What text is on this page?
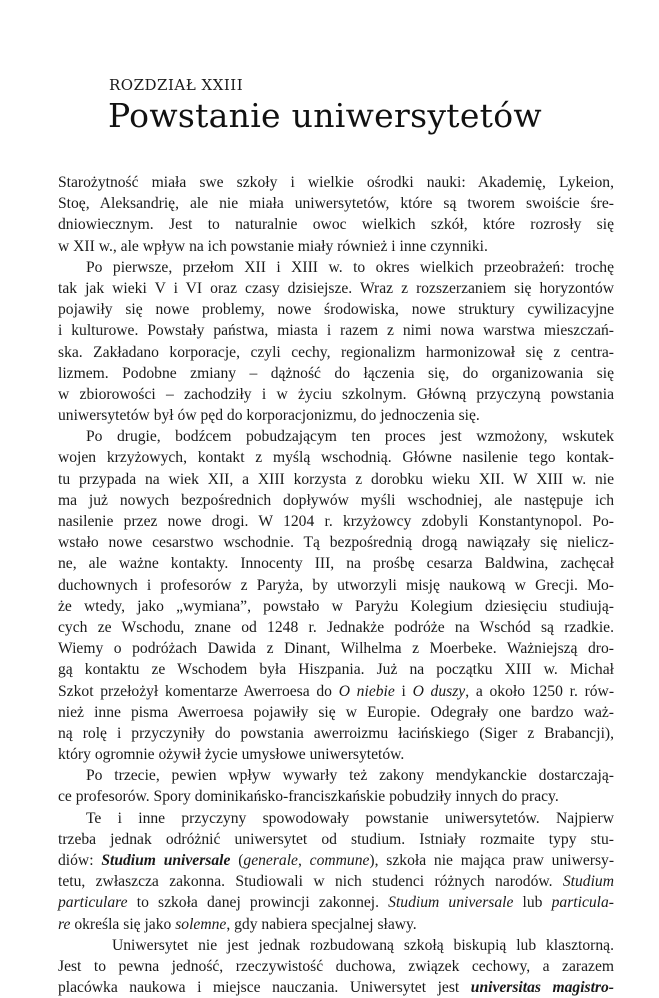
ROZDZIAŁ XXIII
Powstanie uniwersytetów
Starożytność miała swe szkoły i wielkie ośrodki nauki: Akademię, Lykeion,
Stoę, Aleksandrię, ale nie miała uniwersytetów, które są tworem swoiście śre-
dniowiecznym. Jest to naturalnie owoc wielkich szkół, które rozrosły się
w XII w., ale wpływ na ich powstanie miały również i inne czynniki.
Po pierwsze, przełom XII i XIII w. to okres wielkich przeobrażeń: trochę
tak jak wieki V i VI oraz czasy dzisiejsze. Wraz z rozszerzaniem się horyzontów
pojawiły się nowe problemy, nowe środowiska, nowe struktury cywilizacyjne
i kulturowe. Powstały państwa, miasta i razem z nimi nowa warstwa mieszczań-
ska. Zakładano korporacje, czyli cechy, regionalizm harmonizował się z centra-
lizmem. Podobne zmiany – dążność do łączenia się, do organizowania się
w zbiorowości – zachodziły i w życiu szkolnym. Główną przyczyną powstania
uniwersytetów był ów pęd do korporacjonizmu, do jednoczenia się.
Po drugie, bodźcem pobudzającym ten proces jest wzmożony, wskutek
wojen krzyżowych, kontakt z myślą wschodnią. Główne nasilenie tego kontak-
tu przypada na wiek XII, a XIII korzysta z dorobku wieku XII. W XIII w. nie
ma już nowych bezpośrednich dopływów myśli wschodniej, ale następuje ich
nasilenie przez nowe drogi. W 1204 r. krzyżowcy zdobyli Konstantynopol. Po-
wstało nowe cesarstwo wschodnie. Tą bezpośrednią drogą nawiązały się nielicz-
ne, ale ważne kontakty. Innocenty III, na prośbę cesarza Baldwina, zachęcał
duchownych i profesorów z Paryża, by utworzyli misję naukową w Grecji. Mo-
że wtedy, jako „wymiana”, powstało w Paryżu Kolegium dziesięciu studiują-
cych ze Wschodu, znane od 1248 r. Jednakże podróże na Wschód są rzadkie.
Wiemy o podróżach Dawida z Dinant, Wilhelma z Moerbeke. Ważniejszą dro-
gą kontaktu ze Wschodem była Hiszpania. Już na początku XIII w. Michał
Szkot przełożył komentarze Awerroesa do O niebie i O duszy, a około 1250 r. rów-
nież inne pisma Awerroesa pojawiły się w Europie. Odegrały one bardzo waż-
ną rolę i przyczyniły do powstania awerroizmu łacińskiego (Siger z Brabancji),
który ogromnie ożywił życie umysłowe uniwersytetów.
Po trzecie, pewien wpływ wywarły też zakony mendykanckie dostarczają-
ce profesorów. Spory dominikańsko-franciszkańskie pobudziły innych do pracy.
Te i inne przyczyny spowodowały powstanie uniwersytetów. Najpierw
trzeba jednak odróżnić uniwersytet od studium. Istniały rozmaite typy stu-
diów: Studium universale (generale, commune), szkoła nie mająca praw uniwersy-
tetu, zwłaszcza zakonna. Studiowali w nich studenci różnych narodów. Studium
particulare to szkoła danej prowincji zakonnej. Studium universale lub particula-
re określa się jako solemne, gdy nabiera specjalnej sławy.
Uniwersytet nie jest jednak rozbudowaną szkołą biskupią lub klasztorną.
Jest to pewna jedność, rzeczywistość duchowa, związek cechowy, a zarazem
placówka naukowa i miejsce nauczania. Uniwersytet jest universitas magistro-
